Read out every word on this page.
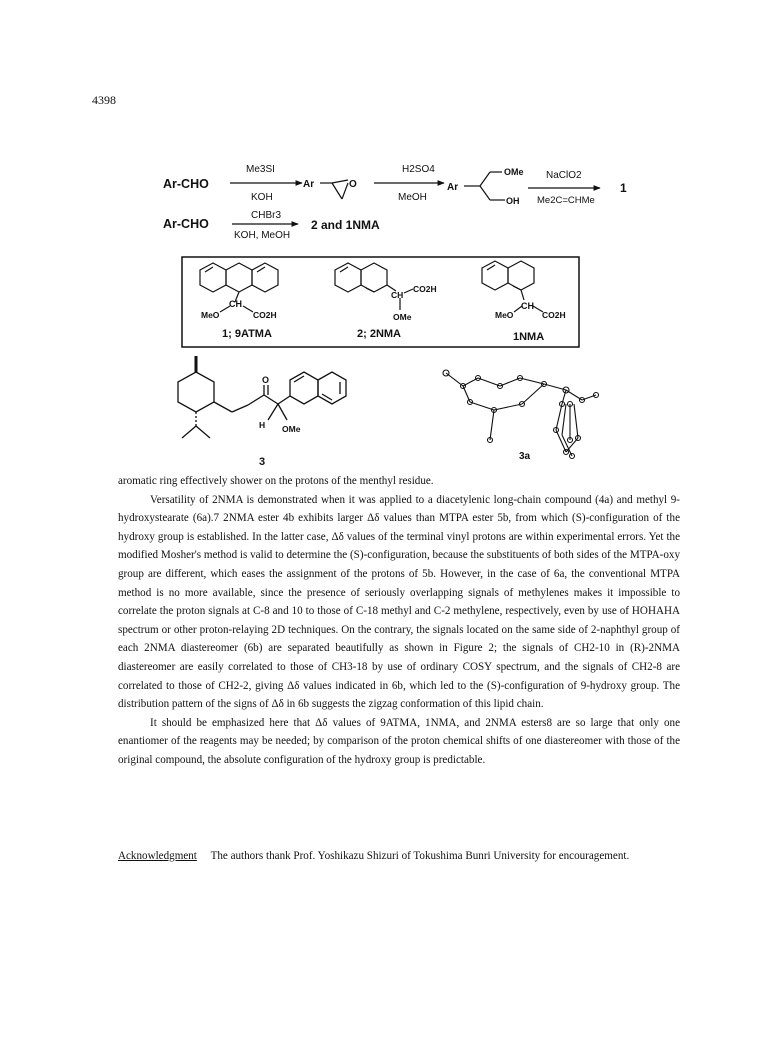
4398
Ar-CHO
Me3SI
KOH
Ar	O
H2SO4
MeOH
Ar
OMe
OH
NaClO2
Me2C=CHMe
1
Ar-CHO
CHBr3
KOH, MeOH
2 and 1NMA
CH
MeO	CO2H
1; 9ATMA
CH
CO2H
OMe
2; 2NMA
CH
MeO	CO2H
1NMA
O
H OMe
3	3a

aromatic ring effectively shower on the protons of the menthyl residue.

Versatility of 2NMA is demonstrated when it was applied to a diacetylenic long-chain compound (4a) and methyl 9-hydroxystearate (6a).7 2NMA ester 4b exhibits larger Δδ values than MTPA ester 5b, from which (S)-configuration of the hydroxy group is established. In the latter case, Δδ values of the terminal vinyl protons are within experimental errors. Yet the modified Mosher's method is valid to determine the (S)-configuration, because the substituents of both sides of the MTPA-oxy group are different, which eases the assignment of the protons of 5b. However, in the case of 6a, the conventional MTPA method is no more available, since the presence of seriously overlapping signals of methylenes makes it impossible to correlate the proton signals at C-8 and 10 to those of C-18 methyl and C-2 methylene, respectively, even by use of HOHAHA spectrum or other proton-relaying 2D techniques. On the contrary, the signals located on the same side of 2-naphthyl group of each 2NMA diastereomer (6b) are separated beautifully as shown in Figure 2; the signals of CH2-10 in (R)-2NMA diastereomer are easily correlated to those of CH3-18 by use of ordinary COSY spectrum, and the signals of CH2-8 are correlated to those of CH2-2, giving Δδ values indicated in 6b, which led to the (S)-configuration of 9-hydroxy group. The distribution pattern of the signs of Δδ in 6b suggests the zigzag conformation of this lipid chain.

It should be emphasized here that Δδ values of 9ATMA, 1NMA, and 2NMA esters8 are so large that only one enantiomer of the reagents may be needed; by comparison of the proton chemical shifts of one diastereomer with those of the original compound, the absolute configuration of the hydroxy group is predictable.

Acknowledgment The authors thank Prof. Yoshikazu Shizuri of Tokushima Bunri University for encouragement.
